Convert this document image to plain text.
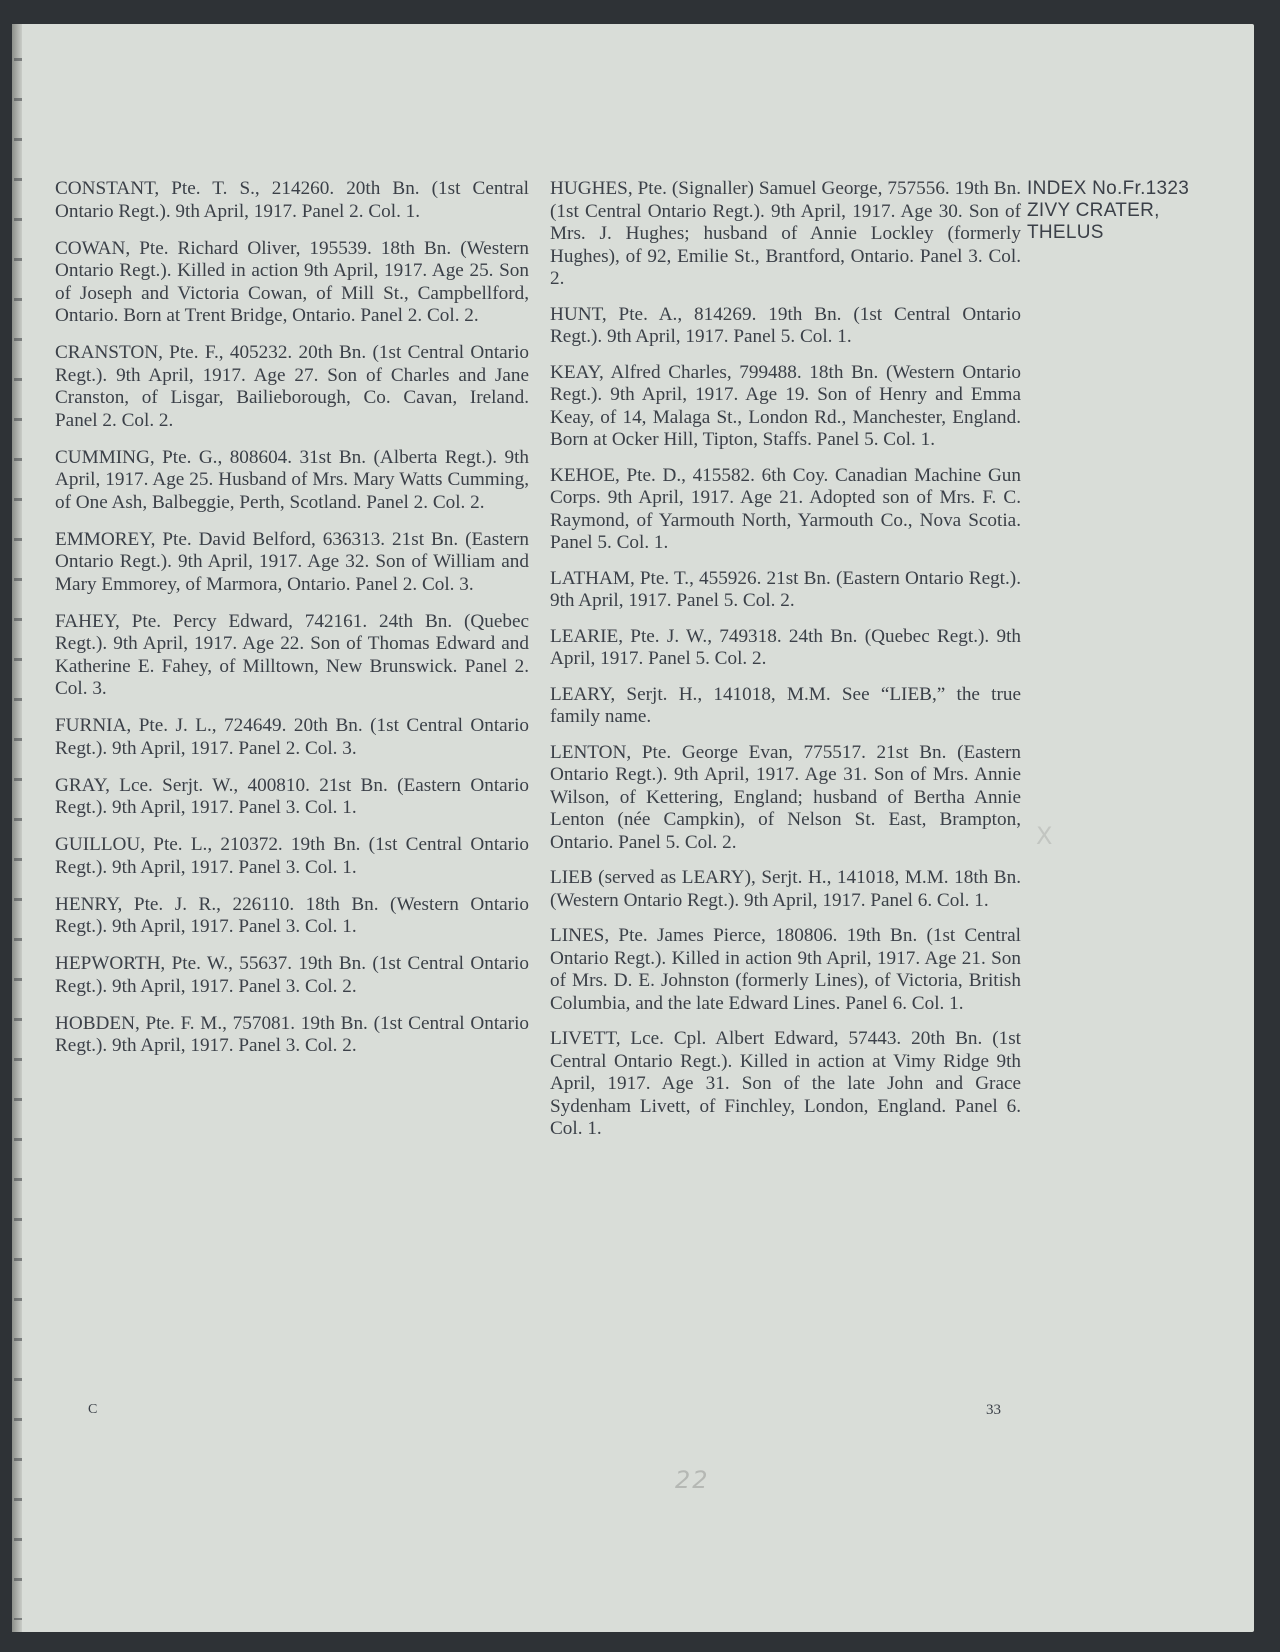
CONSTANT, Pte. T. S., 214260. 20th Bn. (1st Central Ontario Regt.). 9th April, 1917. Panel 2. Col. 1.

COWAN, Pte. Richard Oliver, 195539. 18th Bn. (Western Ontario Regt.). Killed in action 9th April, 1917. Age 25. Son of Joseph and Victoria Cowan, of Mill St., Campbellford, Ontario. Born at Trent Bridge, Ontario. Panel 2. Col. 2.

CRANSTON, Pte. F., 405232. 20th Bn. (1st Central Ontario Regt.). 9th April, 1917. Age 27. Son of Charles and Jane Cranston, of Lisgar, Bailieborough, Co. Cavan, Ireland. Panel 2. Col. 2.

CUMMING, Pte. G., 808604. 31st Bn. (Alberta Regt.). 9th April, 1917. Age 25. Husband of Mrs. Mary Watts Cumming, of One Ash, Balbeggie, Perth, Scotland. Panel 2. Col. 2.

EMMOREY, Pte. David Belford, 636313. 21st Bn. (Eastern Ontario Regt.). 9th April, 1917. Age 32. Son of William and Mary Emmorey, of Marmora, Ontario. Panel 2. Col. 3.

FAHEY, Pte. Percy Edward, 742161. 24th Bn. (Quebec Regt.). 9th April, 1917. Age 22. Son of Thomas Edward and Katherine E. Fahey, of Milltown, New Brunswick. Panel 2. Col. 3.

FURNIA, Pte. J. L., 724649. 20th Bn. (1st Central Ontario Regt.). 9th April, 1917. Panel 2. Col. 3.

GRAY, Lce. Serjt. W., 400810. 21st Bn. (Eastern Ontario Regt.). 9th April, 1917. Panel 3. Col. 1.

GUILLOU, Pte. L., 210372. 19th Bn. (1st Central Ontario Regt.). 9th April, 1917. Panel 3. Col. 1.

HENRY, Pte. J. R., 226110. 18th Bn. (Western Ontario Regt.). 9th April, 1917. Panel 3. Col. 1.

HEPWORTH, Pte. W., 55637. 19th Bn. (1st Central Ontario Regt.). 9th April, 1917. Panel 3. Col. 2.

HOBDEN, Pte. F. M., 757081. 19th Bn. (1st Central Ontario Regt.). 9th April, 1917. Panel 3. Col. 2.

HUGHES, Pte. (Signaller) Samuel George, 757556. 19th Bn. (1st Central Ontario Regt.). 9th April, 1917. Age 30. Son of Mrs. J. Hughes; husband of Annie Lockley (formerly Hughes), of 92, Emilie St., Brantford, Ontario. Panel 3. Col. 2.

HUNT, Pte. A., 814269. 19th Bn. (1st Central Ontario Regt.). 9th April, 1917. Panel 5. Col. 1.

KEAY, Alfred Charles, 799488. 18th Bn. (Western Ontario Regt.). 9th April, 1917. Age 19. Son of Henry and Emma Keay, of 14, Malaga St., London Rd., Manchester, England. Born at Ocker Hill, Tipton, Staffs. Panel 5. Col. 1.

KEHOE, Pte. D., 415582. 6th Coy. Canadian Machine Gun Corps. 9th April, 1917. Age 21. Adopted son of Mrs. F. C. Raymond, of Yarmouth North, Yarmouth Co., Nova Scotia. Panel 5. Col. 1.

LATHAM, Pte. T., 455926. 21st Bn. (Eastern Ontario Regt.). 9th April, 1917. Panel 5. Col. 2.

LEARIE, Pte. J. W., 749318. 24th Bn. (Quebec Regt.). 9th April, 1917. Panel 5. Col. 2.

LEARY, Serjt. H., 141018, M.M. See “LIEB,” the true family name.

LENTON, Pte. George Evan, 775517. 21st Bn. (Eastern Ontario Regt.). 9th April, 1917. Age 31. Son of Mrs. Annie Wilson, of Kettering, England; husband of Bertha Annie Lenton (née Campkin), of Nelson St. East, Brampton, Ontario. Panel 5. Col. 2.

LIEB (served as LEARY), Serjt. H., 141018, M.M. 18th Bn. (Western Ontario Regt.). 9th April, 1917. Panel 6. Col. 1.

LINES, Pte. James Pierce, 180806. 19th Bn. (1st Central Ontario Regt.). Killed in action 9th April, 1917. Age 21. Son of Mrs. D. E. Johnston (formerly Lines), of Victoria, British Columbia, and the late Edward Lines. Panel 6. Col. 1.

LIVETT, Lce. Cpl. Albert Edward, 57443. 20th Bn. (1st Central Ontario Regt.). Killed in action at Vimy Ridge 9th April, 1917. Age 31. Son of the late John and Grace Sydenham Livett, of Finchley, London, England. Panel 6. Col. 1.

INDEX No.Fr.1323
ZIVY CRATER,
THELUS
X
C	33
22
